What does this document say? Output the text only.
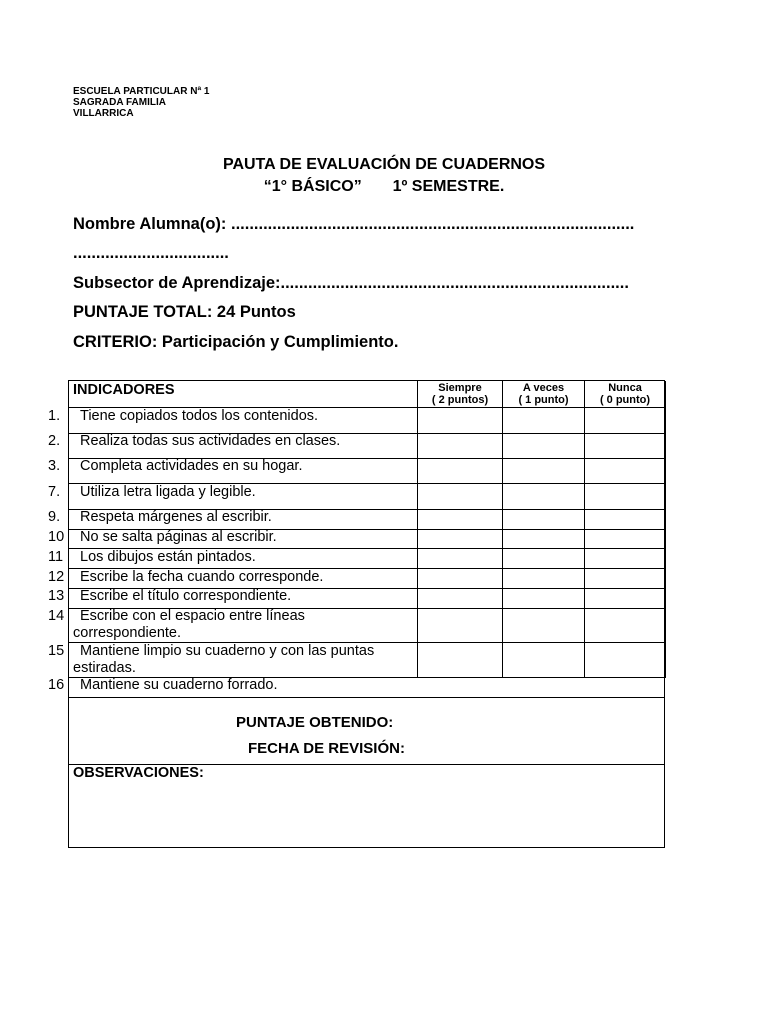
ESCUELA PARTICULAR Nª 1
SAGRADA FAMILIA
VILLARRICA
PAUTA DE EVALUACIÓN DE CUADERNOS
“1° BÁSICO” 1º SEMESTRE.
Nombre Alumna(o): ........................................................................................
..................................
Subsector de Aprendizaje:............................................................................
PUNTAJE TOTAL: 24 Puntos
CRITERIO: Participación y Cumplimiento.
INDICADORES	Siempre
( 2 puntos)
A veces
( 1 punto)
Nunca
( 0 punto)
1. Tiene copiados todos los contenidos.
2. Realiza todas sus actividades en clases.
3. Completa actividades en su hogar.
7. Utiliza letra ligada y legible.
9. Respeta márgenes al escribir.
10 No se salta páginas al escribir.
11 Los dibujos están pintados.
12 Escribe la fecha cuando corresponde.
13 Escribe el título correspondiente.
14 Escribe con el espacio entre líneas
correspondiente.
15 Mantiene limpio su cuaderno y con las puntas
estiradas.
16 Mantiene su cuaderno forrado.
PUNTAJE OBTENIDO:
FECHA DE REVISIÓN:
OBSERVACIONES:
